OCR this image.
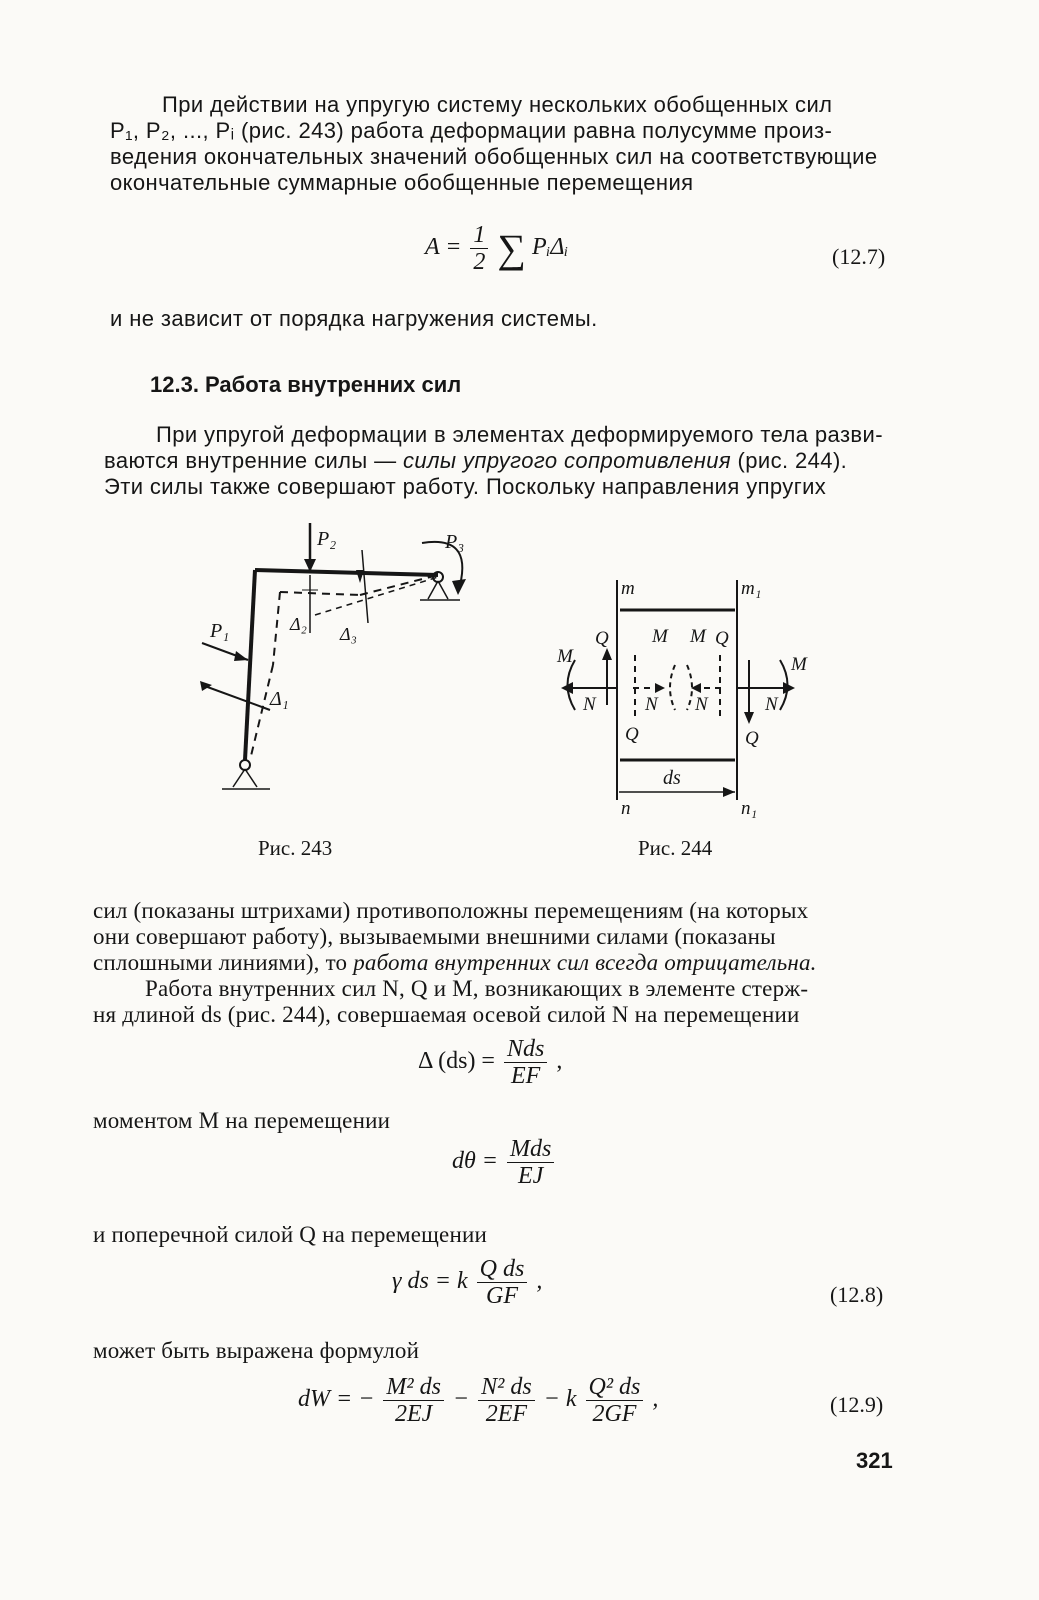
При действии на упругую систему нескольких обобщенных сил

P₁, P₂, ..., Pᵢ (рис. 243) работа деформации равна полусумме произ-

ведения окончательных значений обобщенных сил на соответствующие

окончательные суммарные обобщенные перемещения

$A = \frac{1}{2}$ ∑ PᵢΔᵢ	(12.7)

и не зависит от порядка нагружения системы.

12.3. Работа внутренних сил

При упругой деформации в элементах деформируемого тела разви-

ваются внутренние силы — силы упругого сопротивления (рис. 244).

Эти силы также совершают работу. Поскольку направления упругих

P₂	P₃
P₁
Δ₁
Δ₂ Δ₃
Рис. 243
m	m₁
n	n₁
ds
M
Q
N
M
Q
N
M Q
N
M
Q
N
Рис. 244

сил (показаны штрихами) противоположны перемещениям (на которых

они совершают работу), вызываемыми внешними силами (показаны

сплошными линиями), то работа внутренних сил всегда отрицательна.

Работа внутренних сил N, Q и M, возникающих в элементе стерж-

ня длиной ds (рис. 244), совершаемая осевой силой N на перемещении

Δ $(ds) = \frac{\text{Nds}}{EF}$ ,

моментом M на перемещении

$d\theta = \frac{\text{Mds}}{EJ}$

и поперечной силой Q на перемещении

γ ds = k $\frac{\text{Q ds}}{GF}$ ,
(12.8)

может быть выражена формулой

dW = − $\frac{\text{M² ds}}{2EJ} - \frac{\text{N² ds}}{2EF} - k \frac{\text{Q² ds}}{2GF}$ ,	(12.9)
321
